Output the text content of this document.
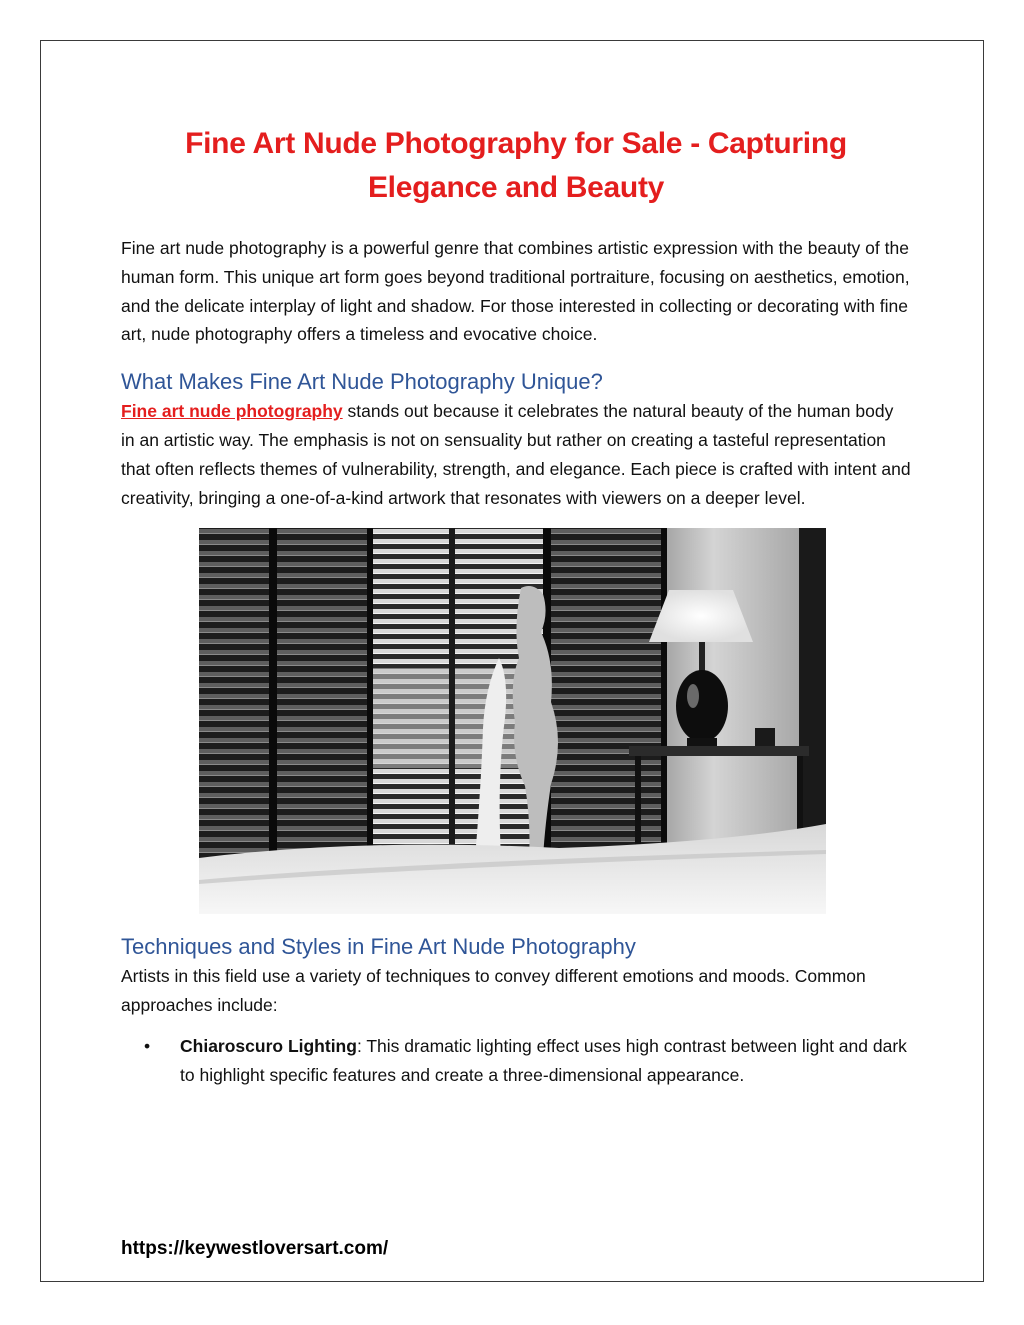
Fine Art Nude Photography for Sale - Capturing Elegance and Beauty

Fine art nude photography is a powerful genre that combines artistic expression with the beauty of the human form. This unique art form goes beyond traditional portraiture, focusing on aesthetics, emotion, and the delicate interplay of light and shadow. For those interested in collecting or decorating with fine art, nude photography offers a timeless and evocative choice.

What Makes Fine Art Nude Photography Unique?

Fine art nude photography stands out because it celebrates the natural beauty of the human body in an artistic way. The emphasis is not on sensuality but rather on creating a tasteful representation that often reflects themes of vulnerability, strength, and elegance. Each piece is crafted with intent and creativity, bringing a one-of-a-kind artwork that resonates with viewers on a deeper level.

Techniques and Styles in Fine Art Nude Photography

Artists in this field use a variety of techniques to convey different emotions and moods. Common approaches include:

• Chiaroscuro Lighting: This dramatic lighting effect uses high contrast between light and dark to highlight specific features and create a three-dimensional appearance.
https://keywestloversart.com/
